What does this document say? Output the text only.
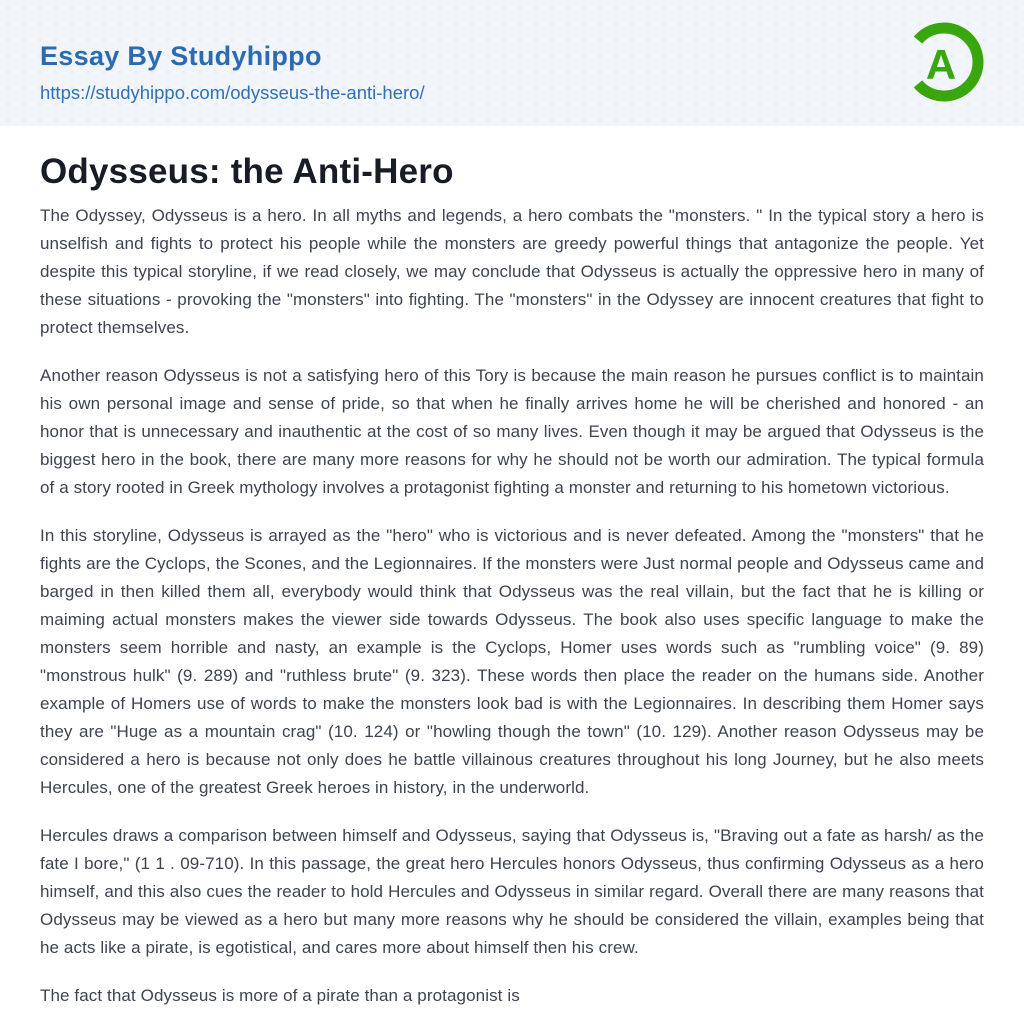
Essay By Studyhippo
https://studyhippo.com/odysseus-the-anti-hero/
A
Odysseus: the Anti-Hero

The Odyssey, Odysseus is a hero. In all myths and legends, a hero combats the "monsters. " In the typical story a hero is unselfish and fights to protect his people while the monsters are greedy powerful things that antagonize the people. Yet despite this typical storyline, if we read closely, we may conclude that Odysseus is actually the oppressive hero in many of these situations - provoking the "monsters" into fighting. The "monsters" in the Odyssey are innocent creatures that fight to protect themselves.

Another reason Odysseus is not a satisfying hero of this Tory is because the main reason he pursues conflict is to maintain his own personal image and sense of pride, so that when he finally arrives home he will be cherished and honored - an honor that is unnecessary and inauthentic at the cost of so many lives. Even though it may be argued that Odysseus is the biggest hero in the book, there are many more reasons for why he should not be worth our admiration. The typical formula of a story rooted in Greek mythology involves a protagonist fighting a monster and returning to his hometown victorious.

In this storyline, Odysseus is arrayed as the "hero" who is victorious and is never defeated. Among the "monsters" that he fights are the Cyclops, the Scones, and the Legionnaires. If the monsters were Just normal people and Odysseus came and barged in then killed them all, everybody would think that Odysseus was the real villain, but the fact that he is killing or maiming actual monsters makes the viewer side towards Odysseus. The book also uses specific language to make the monsters seem horrible and nasty, an example is the Cyclops, Homer uses words such as "rumbling voice" (9. 89) "monstrous hulk" (9. 289) and "ruthless brute" (9. 323). These words then place the reader on the humans side. Another example of Homers use of words to make the monsters look bad is with the Legionnaires. In describing them Homer says they are "Huge as a mountain crag" (10. 124) or "howling though the town" (10. 129). Another reason Odysseus may be considered a hero is because not only does he battle villainous creatures throughout his long Journey, but he also meets Hercules, one of the greatest Greek heroes in history, in the underworld.

Hercules draws a comparison between himself and Odysseus, saying that Odysseus is, "Braving out a fate as harsh/ as the fate I bore," (1 1 . 09-710). In this passage, the great hero Hercules honors Odysseus, thus confirming Odysseus as a hero himself, and this also cues the reader to hold Hercules and Odysseus in similar regard. Overall there are many reasons that Odysseus may be viewed as a hero but many more reasons why he should be considered the villain, examples being that he acts like a pirate, is egotistical, and cares more about himself then his crew.

The fact that Odysseus is more of a pirate than a protagonist is
